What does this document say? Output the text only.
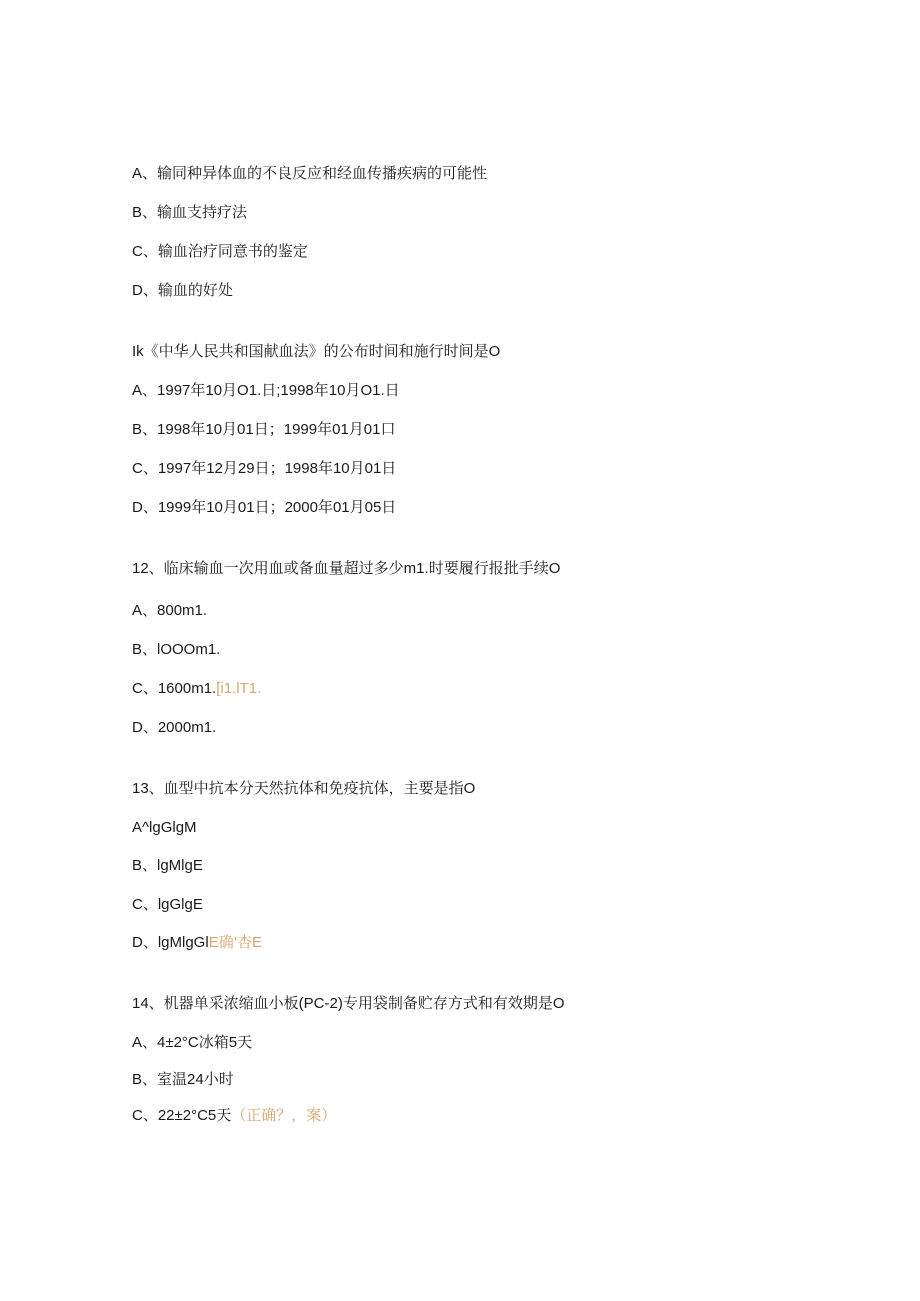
A、输同种异体血的不良反应和经血传播疾病的可能性
B、输血支持疗法
C、输血治疗同意书的鉴定
D、输血的好处
Ik《中华人民共和国献血法》的公布时间和施行时间是O
A、1997年10月O1.日;1998年10月O1.日
B、1998年10月01日；1999年01月01口
C、1997年12月29日；1998年10月01日
D、1999年10月01日；2000年01月05日
12、临床输血一次用血或备血量超过多少m1.时要履行报批手续O
A、800m1.
B、lOOOm1.
C、1600m1.[i1.lT1.
D、2000m1.
13、血型中抗本分天然抗体和免疫抗体，主要是指O
A^lgGlgM
B、lgMlgE
C、lgGlgE
D、lgMlgGlE确’杏E
14、机器单采浓缩血小板(PC-2)专用袋制备贮存方式和有效期是O
A、4±2°C冰箱5天
B、室温24小时
C、22±2°C5天（正确？，案）
